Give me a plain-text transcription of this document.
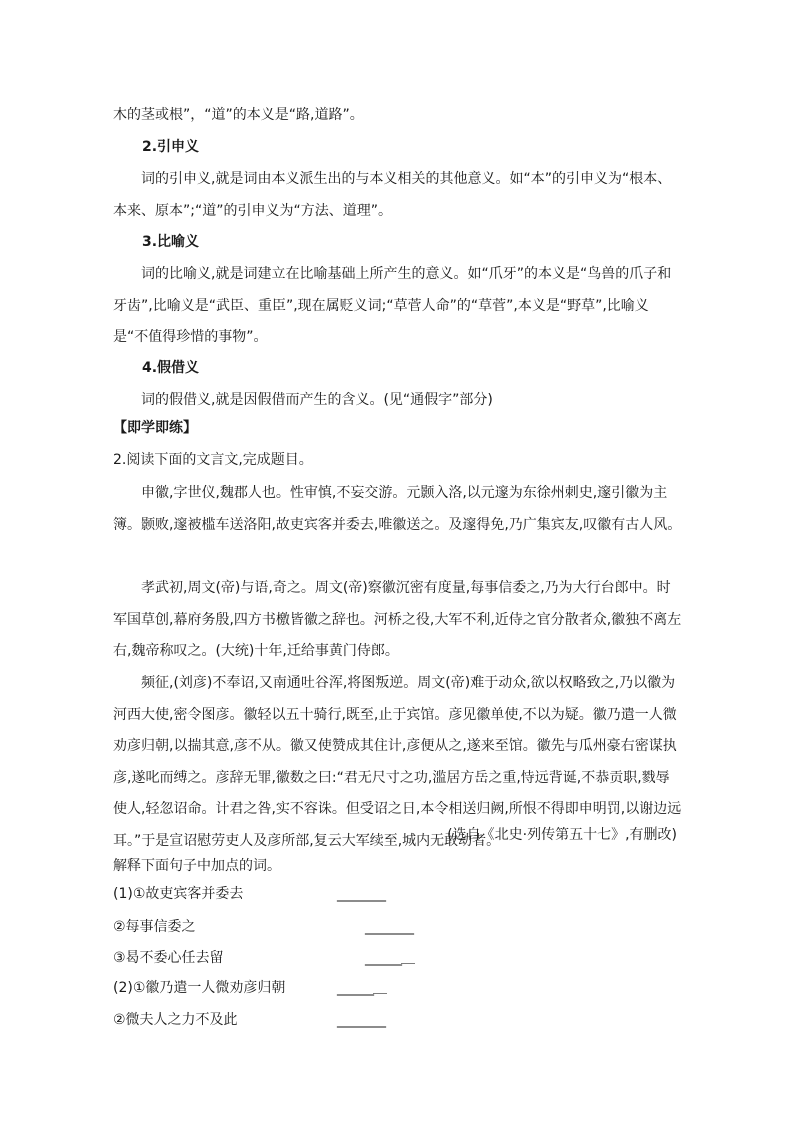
木的茎或根”，“道”的本义是“路,道路”。

2.引申义

词的引申义,就是词由本义派生出的与本义相关的其他意义。如“本”的引申义为“根本、本来、原本”;“道”的引申义为“方法、道理”。

3.比喻义

词的比喻义,就是词建立在比喻基础上所产生的意义。如“爪牙”的本义是“鸟兽的爪子和牙齿”,比喻义是“武臣、重臣”,现在属贬义词;“草菅人命”的“草菅”,本义是“野草”,比喻义是“不值得珍惜的事物”。

4.假借义

词的假借义,就是因假借而产生的含义。(见“通假字”部分)

【即学即练】

2.阅读下面的文言文,完成题目。

申徽,字世仪,魏郡人也。性审慎,不妄交游。元颢入洛,以元邃为东徐州刺史,邃引徽为主簿。颢败,邃被槛车送洛阳,故吏宾客并委去,唯徽送之。及邃得免,乃广集宾友,叹徽有古人风。

孝武初,周文(帝)与语,奇之。周文(帝)察徽沉密有度量,每事信委之,乃为大行台郎中。时军国草创,幕府务殷,四方书檄皆徽之辞也。河桥之役,大军不利,近侍之官分散者众,徽独不离左右,魏帝称叹之。(大统)十年,迁给事黄门侍郎。

频征,(刘彦)不奉诏,又南通吐谷浑,将图叛逆。周文(帝)难于动众,欲以权略致之,乃以徽为河西大使,密令图彦。徽轻以五十骑行,既至,止于宾馆。彦见徽单使,不以为疑。徽乃遣一人微劝彦归朝,以揣其意,彦不从。徽又使赞成其住计,彦便从之,遂来至馆。徽先与瓜州豪右密谋执彦,遂叱而缚之。彦辞无罪,徽数之曰:“君无尺寸之功,滥居方岳之重,恃远背诞,不恭贡职,戮辱使人,轻忽诏命。计君之咎,实不容诛。但受诏之日,本令相送归阙,所恨不得即申明罚,以谢边远耳。”于是宣诏慰劳吏人及彦所部,复云大军续至,城内无敢动者。

(选自《北史·列传第五十七》,有删改)

解释下面句子中加点的词。

(1)①故吏宾客并委去	________
②每事信委之	________
③曷不委心任去留	______＿
(2)①徽乃遣一人微劝彦归朝	______＿
②微夫人之力不及此	________
